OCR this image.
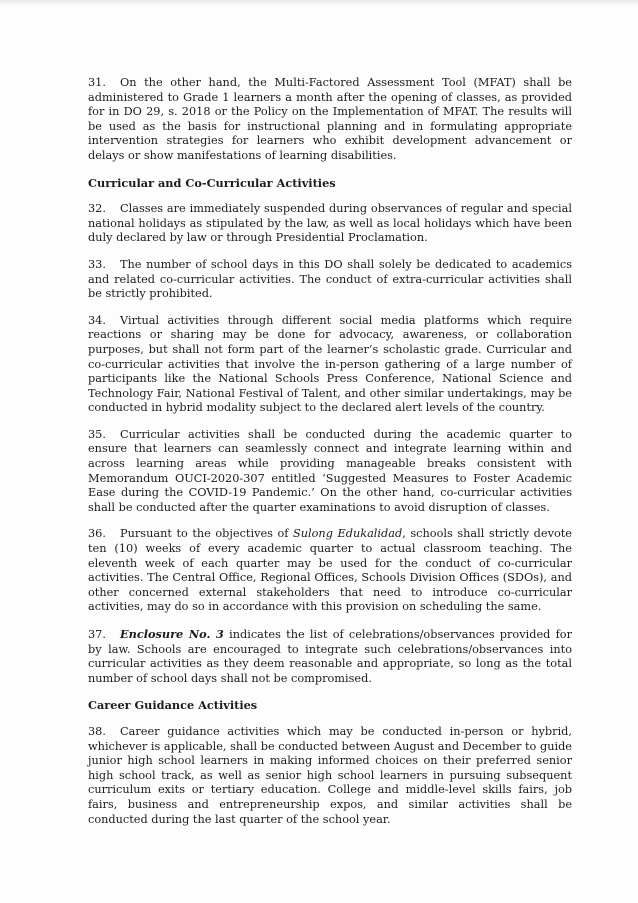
31. On the other hand, the Multi-Factored Assessment Tool (MFAT) shall be administered to Grade 1 learners a month after the opening of classes, as provided for in DO 29, s. 2018 or the Policy on the Implementation of MFAT. The results will be used as the basis for instructional planning and in formulating appropriate intervention strategies for learners who exhibit development advancement or delays or show manifestations of learning disabilities.

Curricular and Co-Curricular Activities

32. Classes are immediately suspended during observances of regular and special national holidays as stipulated by the law, as well as local holidays which have been duly declared by law or through Presidential Proclamation.

33. The number of school days in this DO shall solely be dedicated to academics and related co-curricular activities. The conduct of extra-curricular activities shall be strictly prohibited.

34. Virtual activities through different social media platforms which require reactions or sharing may be done for advocacy, awareness, or collaboration purposes, but shall not form part of the learner’s scholastic grade. Curricular and co-curricular activities that involve the in-person gathering of a large number of participants like the National Schools Press Conference, National Science and Technology Fair, National Festival of Talent, and other similar undertakings, may be conducted in hybrid modality subject to the declared alert levels of the country.

35. Curricular activities shall be conducted during the academic quarter to ensure that learners can seamlessly connect and integrate learning within and across learning areas while providing manageable breaks consistent with Memorandum OUCI-2020-307 entitled ‘Suggested Measures to Foster Academic Ease during the COVID-19 Pandemic.’ On the other hand, co-curricular activities shall be conducted after the quarter examinations to avoid disruption of classes.

36. Pursuant to the objectives of Sulong Edukalidad, schools shall strictly devote ten (10) weeks of every academic quarter to actual classroom teaching. The eleventh week of each quarter may be used for the conduct of co-curricular activities. The Central Office, Regional Offices, Schools Division Offices (SDOs), and other concerned external stakeholders that need to introduce co-curricular activities, may do so in accordance with this provision on scheduling the same.

37. Enclosure No. 3 indicates the list of celebrations/observances provided for by law. Schools are encouraged to integrate such celebrations/observances into curricular activities as they deem reasonable and appropriate, so long as the total number of school days shall not be compromised.

Career Guidance Activities

38. Career guidance activities which may be conducted in-person or hybrid, whichever is applicable, shall be conducted between August and December to guide junior high school learners in making informed choices on their preferred senior high school track, as well as senior high school learners in pursuing subsequent curriculum exits or tertiary education. College and middle-level skills fairs, job fairs, business and entrepreneurship expos, and similar activities shall be conducted during the last quarter of the school year.
